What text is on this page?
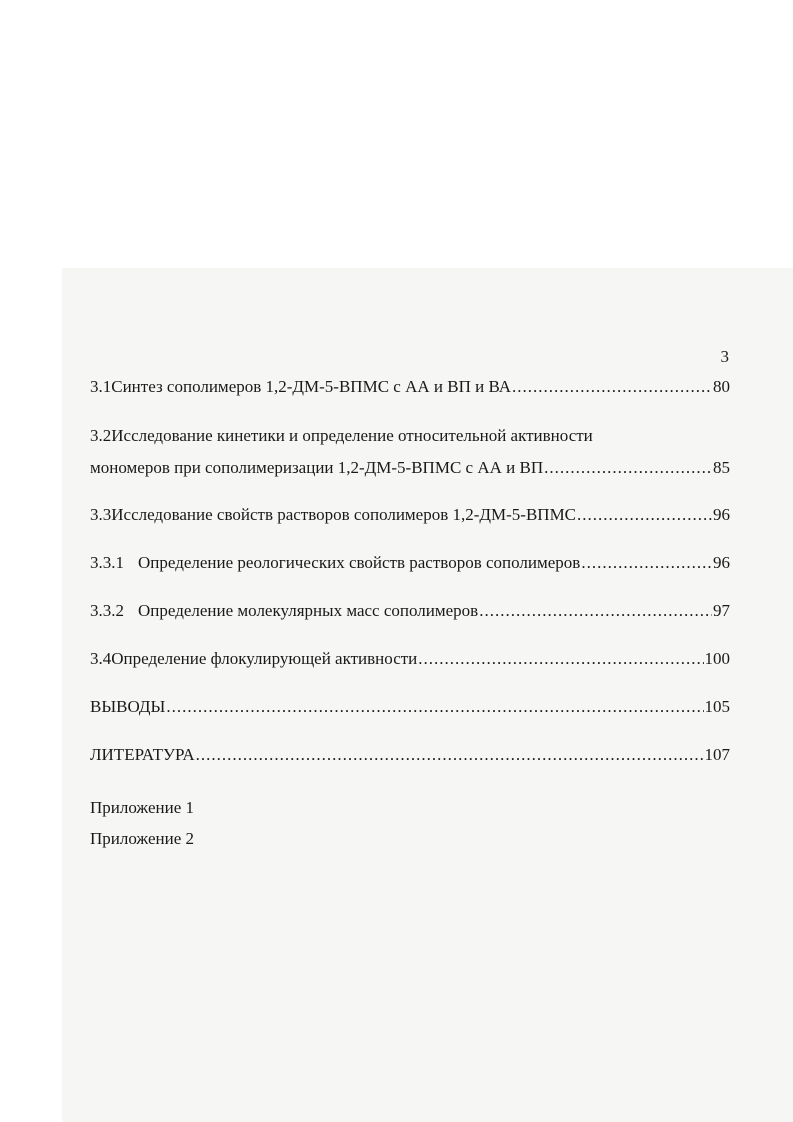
3
3.1Синтез сополимеров 1,2-ДМ-5-ВПМС с АА и ВП и ВА .....	80
3.2Исследование кинетики и определение относительной активности
мономеров при сополимеризации 1,2-ДМ-5-ВПМС с АА и ВП .....	85
3.3Исследование свойств растворов сополимеров 1,2-ДМ-5-ВПМС .....	96
3.3.1 Определение реологических свойств растворов сополимеров .....	96
3.3.2 Определение молекулярных масс сополимеров .....	97
3.4Определение флокулирующей активности .....	100
ВЫВОДЫ .....	105
ЛИТЕРАТУРА .....	107
Приложение 1
Приложение 2
